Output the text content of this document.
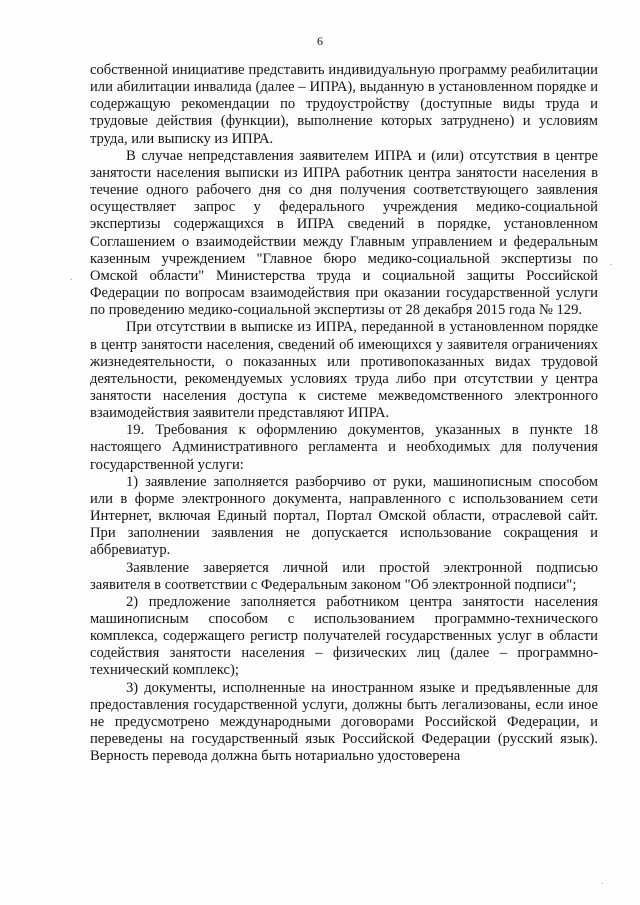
6

собственной инициативе представить индивидуальную программу реабилитации или абилитации инвалида (далее – ИПРА), выданную в установленном порядке и содержащую рекомендации по трудоустройству (доступные виды труда и трудовые действия (функции), выполнение которых затруднено) и условиям труда, или выписку из ИПРА.

В случае непредставления заявителем ИПРА и (или) отсутствия в центре занятости населения выписки из ИПРА работник центра занятости населения в течение одного рабочего дня со дня получения соответствующего заявления осуществляет запрос у федерального учреждения медико-социальной экспертизы содержащихся в ИПРА сведений в порядке, установленном Соглашением о взаимодействии между Главным управлением и федеральным казенным учреждением "Главное бюро медико-социальной экспертизы по Омской области" Министерства труда и социальной защиты Российской Федерации по вопросам взаимодействия при оказании государственной услуги по проведению медико-социальной экспертизы от 28 декабря 2015 года № 129.

При отсутствии в выписке из ИПРА, переданной в установленном порядке в центр занятости населения, сведений об имеющихся у заявителя ограничениях жизнедеятельности, о показанных или противопоказанных видах трудовой деятельности, рекомендуемых условиях труда либо при отсутствии у центра занятости населения доступа к системе межведомственного электронного взаимодействия заявители представляют ИПРА.

19. Требования к оформлению документов, указанных в пункте 18 настоящего Административного регламента и необходимых для получения государственной услуги:

1) заявление заполняется разборчиво от руки, машинописным способом или в форме электронного документа, направленного с использованием сети Интернет, включая Единый портал, Портал Омской области, отраслевой сайт. При заполнении заявления не допускается использование сокращения и аббревиатур.

Заявление заверяется личной или простой электронной подписью заявителя в соответствии с Федеральным законом "Об электронной подписи";

2) предложение заполняется работником центра занятости населения машинописным способом с использованием программно-технического комплекса, содержащего регистр получателей государственных услуг в области содействия занятости населения – физических лиц (далее – программно-технический комплекс);

3) документы, исполненные на иностранном языке и предъявленные для предоставления государственной услуги, должны быть легализованы, если иное не предусмотрено международными договорами Российской Федерации, и переведены на государственный язык Российской Федерации (русский язык). Верность перевода должна быть нотариально удостоверена

.
.
.
